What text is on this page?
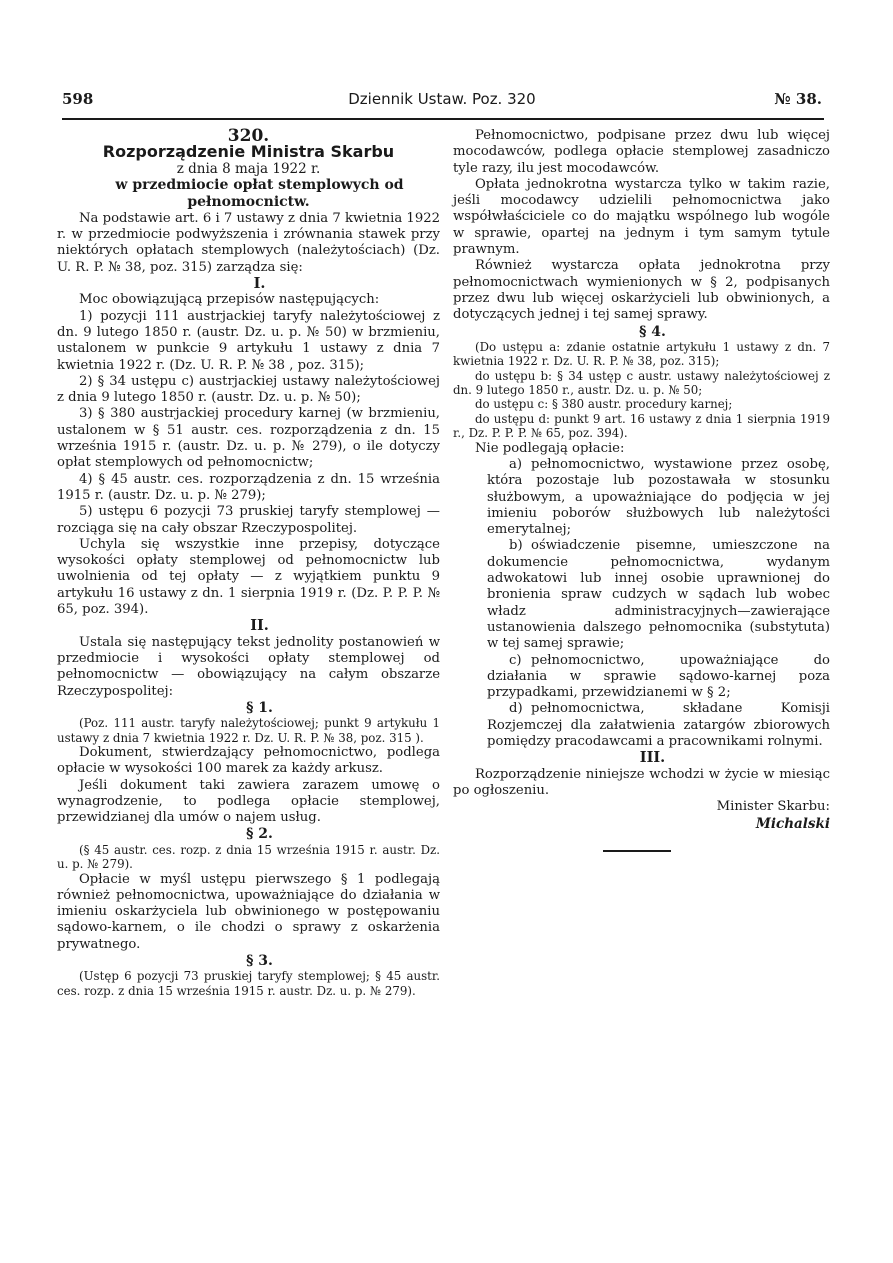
598	Dziennik Ustaw. Poz. 320	№ 38.

320.

Rozporządzenie Ministra Skarbu

z dnia 8 maja 1922 r.

w przedmiocie opłat stemplowych od pełnomocnictw.

Na podstawie art. 6 i 7 ustawy z dnia 7 kwietnia 1922 r. w przedmiocie podwyższenia i zrównania stawek przy niektórych opłatach stemplowych (należytościach) (Dz. U. R. P. № 38, poz. 315) zarządza się:

I.

Moc obowiązującą przepisów następujących:

1) pozycji 111 austrjackiej taryfy należytościowej z dn. 9 lutego 1850 r. (austr. Dz. u. p. № 50) w brzmieniu, ustalonem w punkcie 9 artykułu 1 ustawy z dnia 7 kwietnia 1922 r. (Dz. U. R. P. № 38 , poz. 315);

2) § 34 ustępu c) austrjackiej ustawy należytościowej z dnia 9 lutego 1850 r. (austr. Dz. u. p. № 50);

3) § 380 austrjackiej procedury karnej (w brzmieniu, ustalonem w § 51 austr. ces. rozporządzenia z dn. 15 września 1915 r. (austr. Dz. u. p. № 279), o ile dotyczy opłat stemplowych od pełnomocnictw;

4) § 45 austr. ces. rozporządzenia z dn. 15 września 1915 r. (austr. Dz. u. p. № 279);

5) ustępu 6 pozycji 73 pruskiej taryfy stemplowej — rozciąga się na cały obszar Rzeczypospolitej.

Uchyla się wszystkie inne przepisy, dotyczące wysokości opłaty stemplowej od pełnomocnictw lub uwolnienia od tej opłaty — z wyjątkiem punktu 9 artykułu 16 ustawy z dn. 1 sierpnia 1919 r. (Dz. P. P. P. № 65, poz. 394).

II.

Ustala się następujący tekst jednolity postanowień w przedmiocie i wysokości opłaty stemplowej od pełnomocnictw — obowiązujący na całym obszarze Rzeczypospolitej:

§ 1.

(Poz. 111 austr. taryfy należytościowej; punkt 9 artykułu 1 ustawy z dnia 7 kwietnia 1922 r. Dz. U. R. P. № 38, poz. 315 ).

Dokument, stwierdzający pełnomocnictwo, podlega opłacie w wysokości 100 marek za każdy arkusz.

Jeśli dokument taki zawiera zarazem umowę o wynagrodzenie, to podlega opłacie stemplowej, przewidzianej dla umów o najem usług.

§ 2.

(§ 45 austr. ces. rozp. z dnia 15 września 1915 r. austr. Dz. u. p. № 279).

Opłacie w myśl ustępu pierwszego § 1 podlegają również pełnomocnictwa, upoważniające do działania w imieniu oskarżyciela lub obwinionego w postępowaniu sądowo-karnem, o ile chodzi o sprawy z oskarżenia prywatnego.

§ 3.

(Ustęp 6 pozycji 73 pruskiej taryfy stemplowej; § 45 austr. ces. rozp. z dnia 15 września 1915 r. austr. Dz. u. p. № 279).

Pełnomocnictwo, podpisane przez dwu lub więcej mocodawców, podlega opłacie stemplowej zasadniczo tyle razy, ilu jest mocodawców.

Opłata jednokrotna wystarcza tylko w takim razie, jeśli mocodawcy udzielili pełnomocnictwa jako współwłaściciele co do majątku wspólnego lub wogóle w sprawie, opartej na jednym i tym samym tytule prawnym.

Również wystarcza opłata jednokrotna przy pełnomocnictwach wymienionych w § 2, podpisanych przez dwu lub więcej oskarżycieli lub obwinionych, a dotyczących jednej i tej samej sprawy.

§ 4.

(Do ustępu a: zdanie ostatnie artykułu 1 ustawy z dn. 7 kwietnia 1922 r. Dz. U. R. P. № 38, poz. 315);

do ustępu b: § 34 ustęp c austr. ustawy należytościowej z dn. 9 lutego 1850 r., austr. Dz. u. p. № 50;

do ustępu c: § 380 austr. procedury karnej;

do ustępu d: punkt 9 art. 16 ustawy z dnia 1 sierpnia 1919 r., Dz. P. P. P. № 65, poz. 394).

Nie podlegają opłacie:

a) pełnomocnictwo, wystawione przez osobę, która pozostaje lub pozostawała w stosunku służbowym, a upoważniające do podjęcia w jej imieniu poborów służbowych lub należytości emerytalnej;

b) oświadczenie pisemne, umieszczone na dokumencie pełnomocnictwa, wydanym adwokatowi lub innej osobie uprawnionej do bronienia spraw cudzych w sądach lub wobec władz administracyjnych—zawierające ustanowienia dalszego pełnomocnika (substytuta) w tej samej sprawie;

c) pełnomocnictwo, upoważniające do działania w sprawie sądowo-karnej poza przypadkami, przewidzianemi w § 2;

d) pełnomocnictwa, składane Komisji Rozjemczej dla załatwienia zatargów zbiorowych pomiędzy pracodawcami a pracownikami rolnymi.

III.

Rozporządzenie niniejsze wchodzi w życie w miesiąc po ogłoszeniu.

Minister Skarbu:

Michalski
